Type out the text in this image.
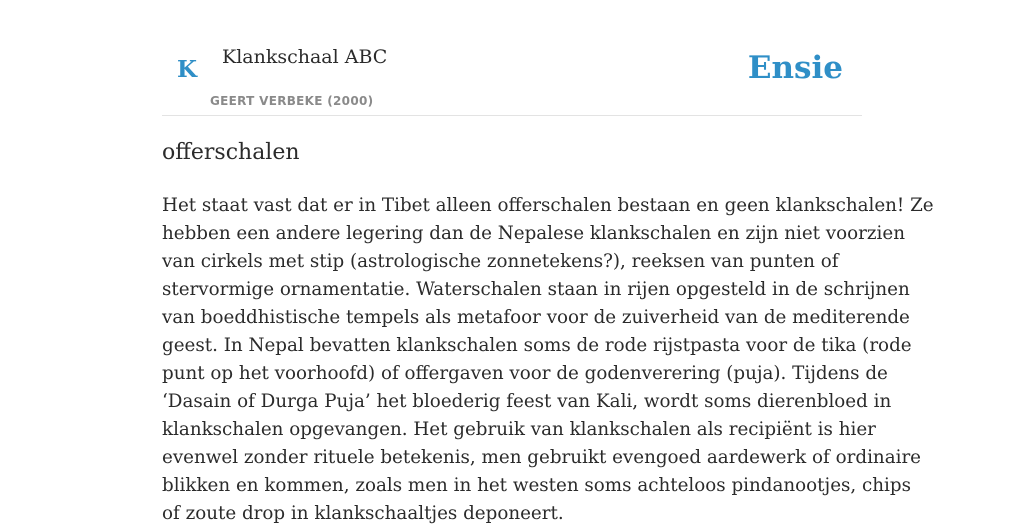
K Klankschaal ABC
GEERT VERBEKE (2000)
Ensie
offerschalen

Het staat vast dat er in Tibet alleen offerschalen bestaan en geen klankschalen! Ze
hebben een andere legering dan de Nepalese klankschalen en zijn niet voorzien
van cirkels met stip (astrologische zonnetekens?), reeksen van punten of
stervormige ornamentatie. Waterschalen staan in rijen opgesteld in de schrijnen
van boeddhistische tempels als metafoor voor de zuiverheid van de mediterende
geest. In Nepal bevatten klankschalen soms de rode rijstpasta voor de tika (rode
punt op het voorhoofd) of offergaven voor de godenverering (puja). Tijdens de
‘Dasain of Durga Puja’ het bloederig feest van Kali, wordt soms dierenbloed in
klankschalen opgevangen. Het gebruik van klankschalen als recipiënt is hier
evenwel zonder rituele betekenis, men gebruikt evengoed aardewerk of ordinaire
blikken en kommen, zoals men in het westen soms achteloos pindanootjes, chips
of zoute drop in klankschaaltjes deponeert.
